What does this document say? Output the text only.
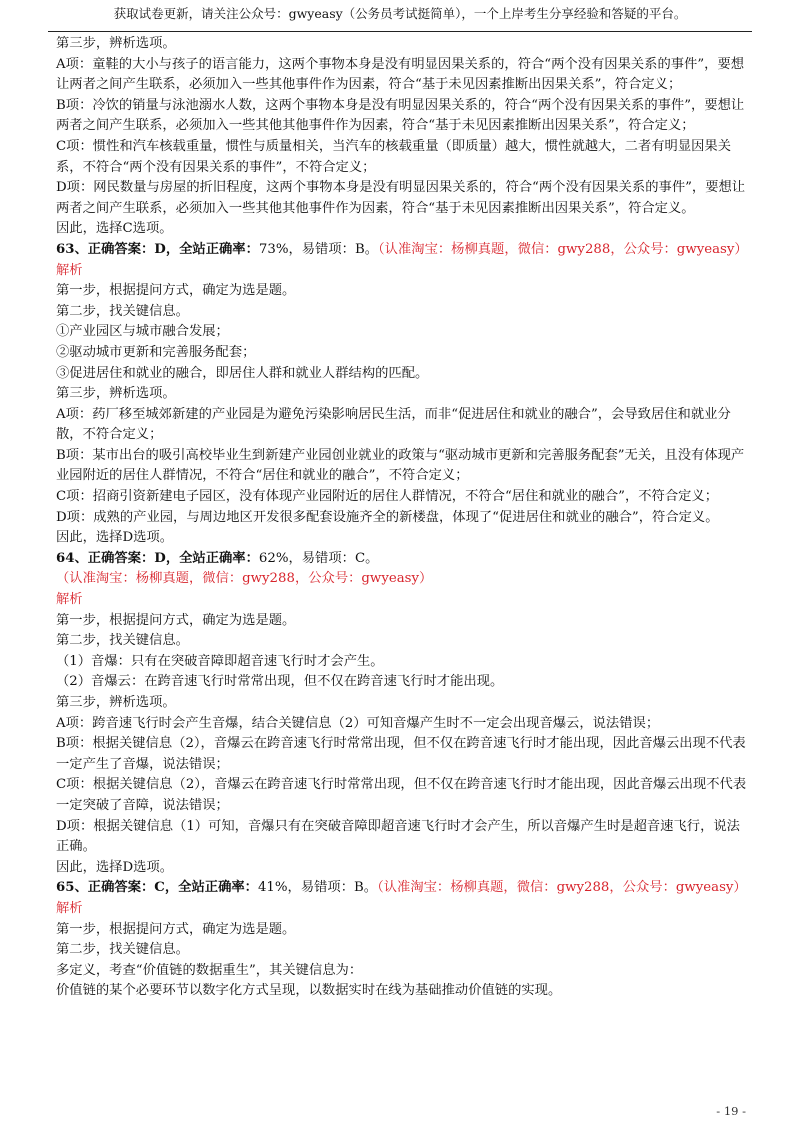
获取试卷更新，请关注公众号：gwyeasy（公务员考试挺简单），一个上岸考生分享经验和答疑的平台。
第三步，辨析选项。
A项：童鞋的大小与孩子的语言能力，这两个事物本身是没有明显因果关系的，符合“两个没有因果关系的事件”，要想让两者之间产生联系，必须加入一些其他事件作为因素，符合“基于未见因素推断出因果关系”，符合定义；
B项：冷饮的销量与泳池溺水人数，这两个事物本身是没有明显因果关系的，符合“两个没有因果关系的事件”，要想让两者之间产生联系，必须加入一些其他其他事件作为因素，符合“基于未见因素推断出因果关系”，符合定义；
C项：惯性和汽车核载重量，惯性与质量相关，当汽车的核载重量（即质量）越大，惯性就越大，二者有明显因果关系，不符合“两个没有因果关系的事件”，不符合定义；
D项：网民数量与房屋的折旧程度，这两个事物本身是没有明显因果关系的，符合“两个没有因果关系的事件”，要想让两者之间产生联系，必须加入一些其他其他事件作为因素，符合“基于未见因素推断出因果关系”，符合定义。
因此，选择C选项。
63、正确答案：D，全站正确率：73%，易错项：B。（认准淘宝：杨柳真题，微信：gwy288，公众号：gwyeasy）
解析
第一步，根据提问方式，确定为选是题。
第二步，找关键信息。
①产业园区与城市融合发展；
②驱动城市更新和完善服务配套；
③促进居住和就业的融合，即居住人群和就业人群结构的匹配。
第三步，辨析选项。
A项：药厂移至城郊新建的产业园是为避免污染影响居民生活，而非“促进居住和就业的融合”，会导致居住和就业分散，不符合定义；
B项：某市出台的吸引高校毕业生到新建产业园创业就业的政策与“驱动城市更新和完善服务配套”无关，且没有体现产业园附近的居住人群情况，不符合“居住和就业的融合”，不符合定义；
C项：招商引资新建电子园区，没有体现产业园附近的居住人群情况，不符合“居住和就业的融合”，不符合定义；
D项：成熟的产业园，与周边地区开发很多配套设施齐全的新楼盘，体现了“促进居住和就业的融合”，符合定义。
因此，选择D选项。
64、正确答案：D，全站正确率：62%，易错项：C。（认准淘宝：杨柳真题，微信：gwy288，公众号：gwyeasy）
解析
第一步，根据提问方式，确定为选是题。
第二步，找关键信息。
（1）音爆：只有在突破音障即超音速飞行时才会产生。
（2）音爆云：在跨音速飞行时常常出现，但不仅在跨音速飞行时才能出现。
第三步，辨析选项。
A项：跨音速飞行时会产生音爆，结合关键信息（2）可知音爆产生时不一定会出现音爆云，说法错误；
B项：根据关键信息（2），音爆云在跨音速飞行时常常出现，但不仅在跨音速飞行时才能出现，因此音爆云出现不代表一定产生了音爆，说法错误；
C项：根据关键信息（2），音爆云在跨音速飞行时常常出现，但不仅在跨音速飞行时才能出现，因此音爆云出现不代表一定突破了音障，说法错误；
D项：根据关键信息（1）可知，音爆只有在突破音障即超音速飞行时才会产生，所以音爆产生时是超音速飞行，说法正确。
因此，选择D选项。
65、正确答案：C，全站正确率：41%，易错项：B。（认准淘宝：杨柳真题，微信：gwy288，公众号：gwyeasy）
解析
第一步，根据提问方式，确定为选是题。
第二步，找关键信息。
多定义，考查“价值链的数据重生”，其关键信息为：
价值链的某个必要环节以数字化方式呈现，以数据实时在线为基础推动价值链的实现。
- 19 -
